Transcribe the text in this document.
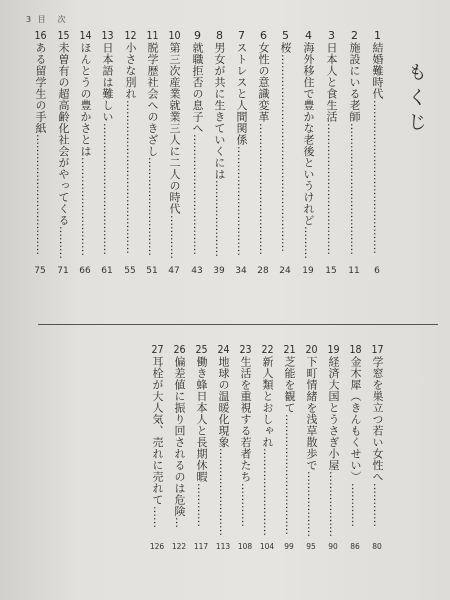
3 目　次
もくじ
1結婚難時代……………………………………
6
2施設にいる老師………………………………
11
3日本人と食生活………………………………
15
4海外移住で豊かな老後というけれど………
19
5桜………………………………………………
24
6女性の意識変革………………………………
28
7ストレスと人間関係…………………………
34
8男女が共に生きていくには…………………
39
9就職拒否の息子へ……………………………
43
10第三次産業就業三人に二人の時代…………
47
11脱学歴社会へのきざし………………………
51
12小さな別れ……………………………………
55
13日本語は難しい………………………………
61
14ほんとうの豊かさとは………………………
66
15未曽有の超高齢化社会がやってくる………
71
16ある留学生の手紙……………………………
75
17学窓を巣立つ若い女性へ…………
80
18金木犀（きんもくせい）…………
86
19経済大国とうさぎ小屋………………
90
20下町情緒を浅草散歩で………………
95
21芝能を観て……………………………
99
22新人類とおしゃれ……………………
104
23生活を重視する若者たち…………
108
24地球の温暖化現象……………………
113
25働き蜂日本人と長期休暇…………
117
26偏差値に振り回されるのは危険…
122
27耳栓が大人気、売れに売れて……
126
